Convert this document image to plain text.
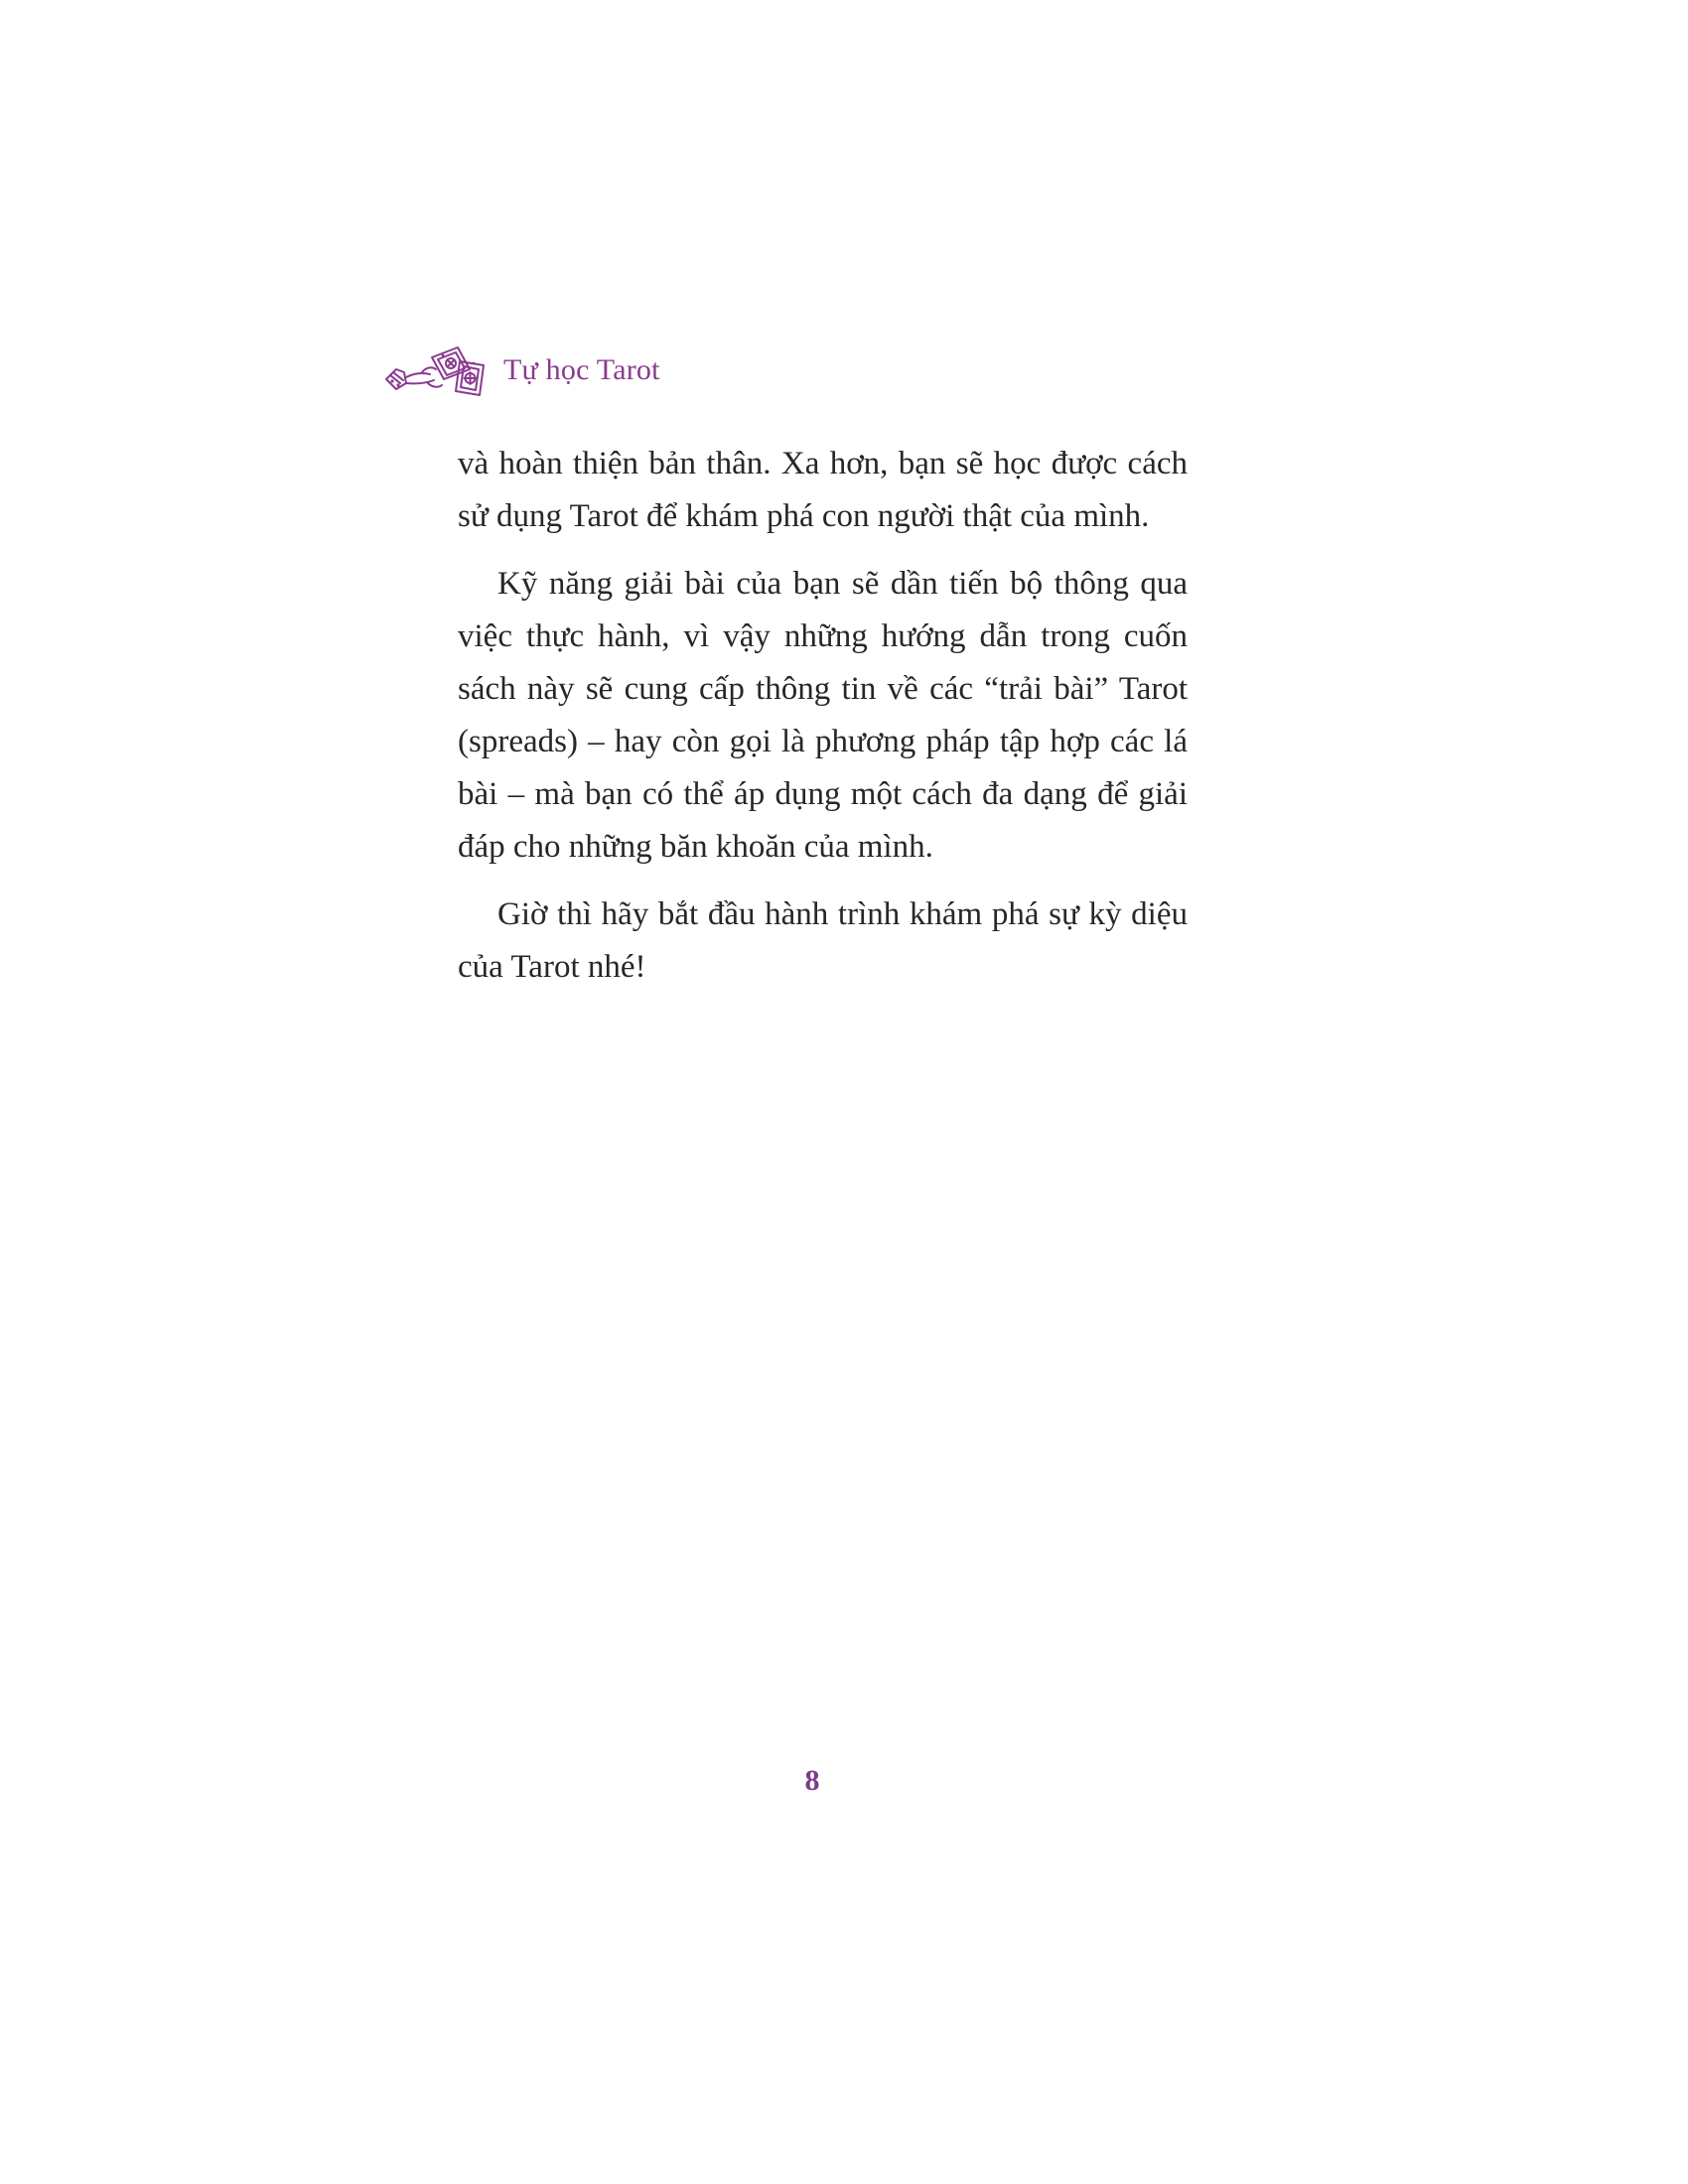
Tự học Tarot

và hoàn thiện bản thân. Xa hơn, bạn sẽ học được cách sử dụng Tarot để khám phá con người thật của mình.

Kỹ năng giải bài của bạn sẽ dần tiến bộ thông qua việc thực hành, vì vậy những hướng dẫn trong cuốn sách này sẽ cung cấp thông tin về các “trải bài” Tarot (spreads) – hay còn gọi là phương pháp tập hợp các lá bài – mà bạn có thể áp dụng một cách đa dạng để giải đáp cho những băn khoăn của mình.

Giờ thì hãy bắt đầu hành trình khám phá sự kỳ diệu của Tarot nhé!

8
